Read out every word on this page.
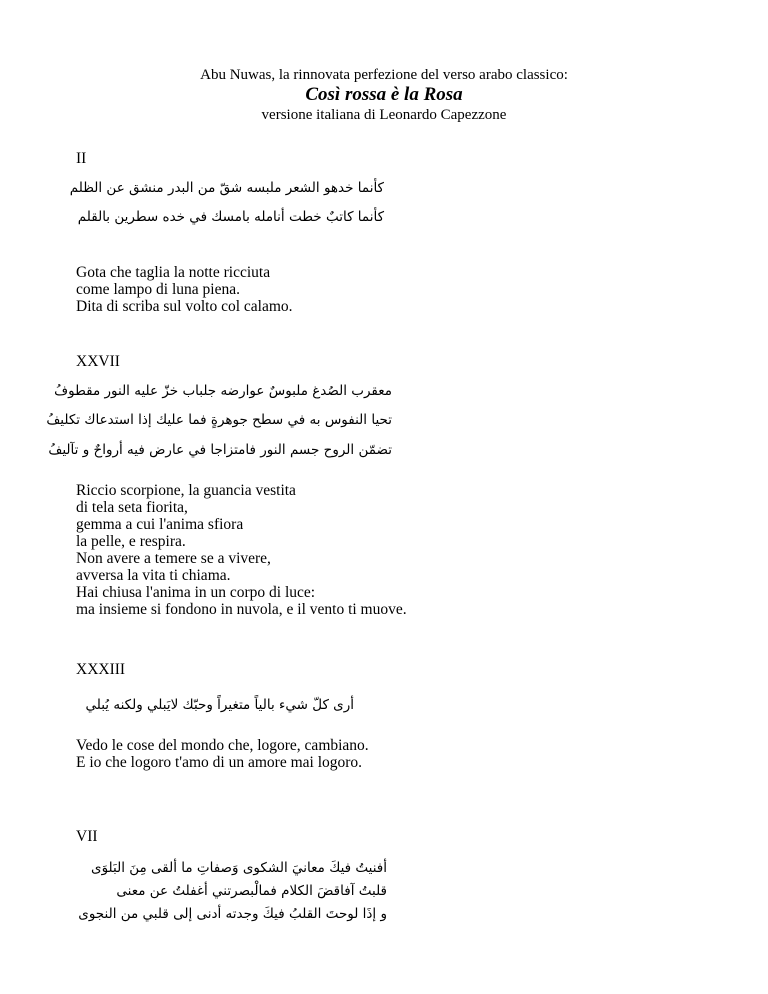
Abu Nuwas, la rinnovata perfezione del verso arabo classico:
Così rossa è la Rosa
versione italiana di Leonardo Capezzone
II
كأنما خدهو الشعر ملبسه شقّ من البدر منشق عن الظلم
كأنما كاتبٌ خطت أنامله بامسك في خده سطرين بالقلم
Gota che taglia la notte ricciuta
come lampo di luna piena.
Dita di scriba sul volto col calamo.
XXVII
معقرب الصُدغ ملبوسٌ عوارضه جلباب خزّ عليه النور مقطوفُ
تحيا النفوس به في سطح جوهرةٍ فما عليك إذا استدعاك تكليفُ
تضمّن الروح جسم النور فامتزاجا في عارض فيه أرواحٌ و تآليفُ
Riccio scorpione, la guancia vestita
di tela seta fiorita,
gemma a cui l'anima sfiora
la pelle, e respira.
Non avere a temere se a vivere,
avversa la vita ti chiama.
Hai chiusa l'anima in un corpo di luce:
ma insieme si fondono in nuvola, e il vento ti muove.
XXXIII
أرى كلّ شيء بالياً متغيراً وحبّك لايَبلي ولكنه يُبلي
Vedo le cose del mondo che, logore, cambiano.
E io che logoro t'amo di un amore mai logoro.
VII
أفنيتُ فيكَ معانيَ الشكوى وَصفاتِ ما ألقى مِنَ البَلوَى
قلبتُ آفاقضَ الكلام فمالْبصرتني أغفلتُ عن معنى
و إذَا لوحتَ القلبُ فيكَ وجدته أدنى إلى قلبي من النجوى
